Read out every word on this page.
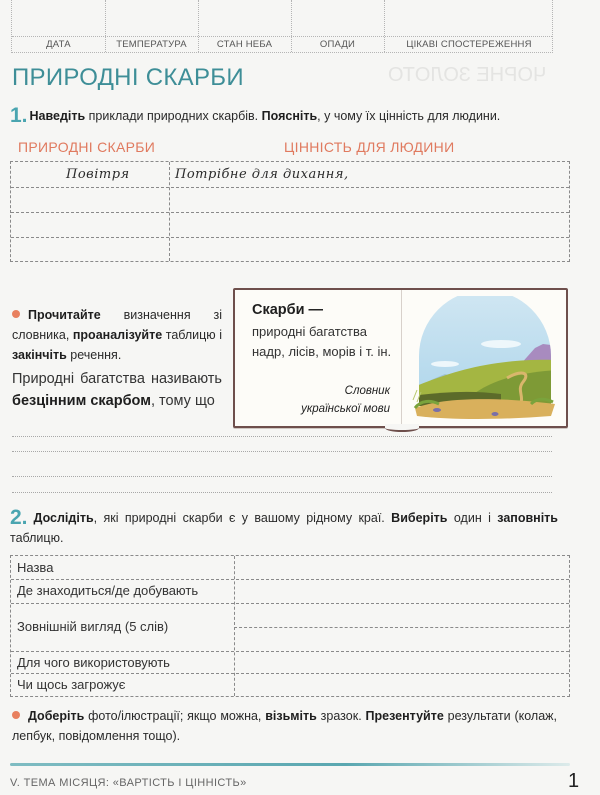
ЧОРНЕ ЗОЛОТО
ДАТА	ТЕМПЕРАТУРА	СТАН НЕБА	ОПАДИ	ЦІКАВІ СПОСТЕРЕЖЕННЯ
ПРИРОДНІ СКАРБИ
1. Наведіть приклади природних скарбів. Поясніть, у чому їх цінність для людини.
ПРИРОДНІ СКАРБИ	ЦІННІСТЬ ДЛЯ ЛЮДИНИ
Повітря	Потрібне для дихання,
Прочитайте визначення зі словника, проаналізуйте таблицю і закінчіть речення.
Природні багатства називають безцінним скарбом, тому що
Скарби —
природні багатства надр, лісів, морів і т. ін.
Словник
української мови
2. Дослідіть, які природні скарби є у вашому рідному краї. Виберіть один і заповніть таблицю.
Назва
Де знаходиться/де добувають
Зовнішній вигляд (5 слів)
Для чого використовують
Чи щось загрожує
Доберіть фото/ілюстрації; якщо можна, візьміть зразок. Презентуйте результати (колаж, лепбук, повідомлення тощо).
V. ТЕМА МІСЯЦЯ: «ВАРТІСТЬ І ЦІННІСТЬ»	1
